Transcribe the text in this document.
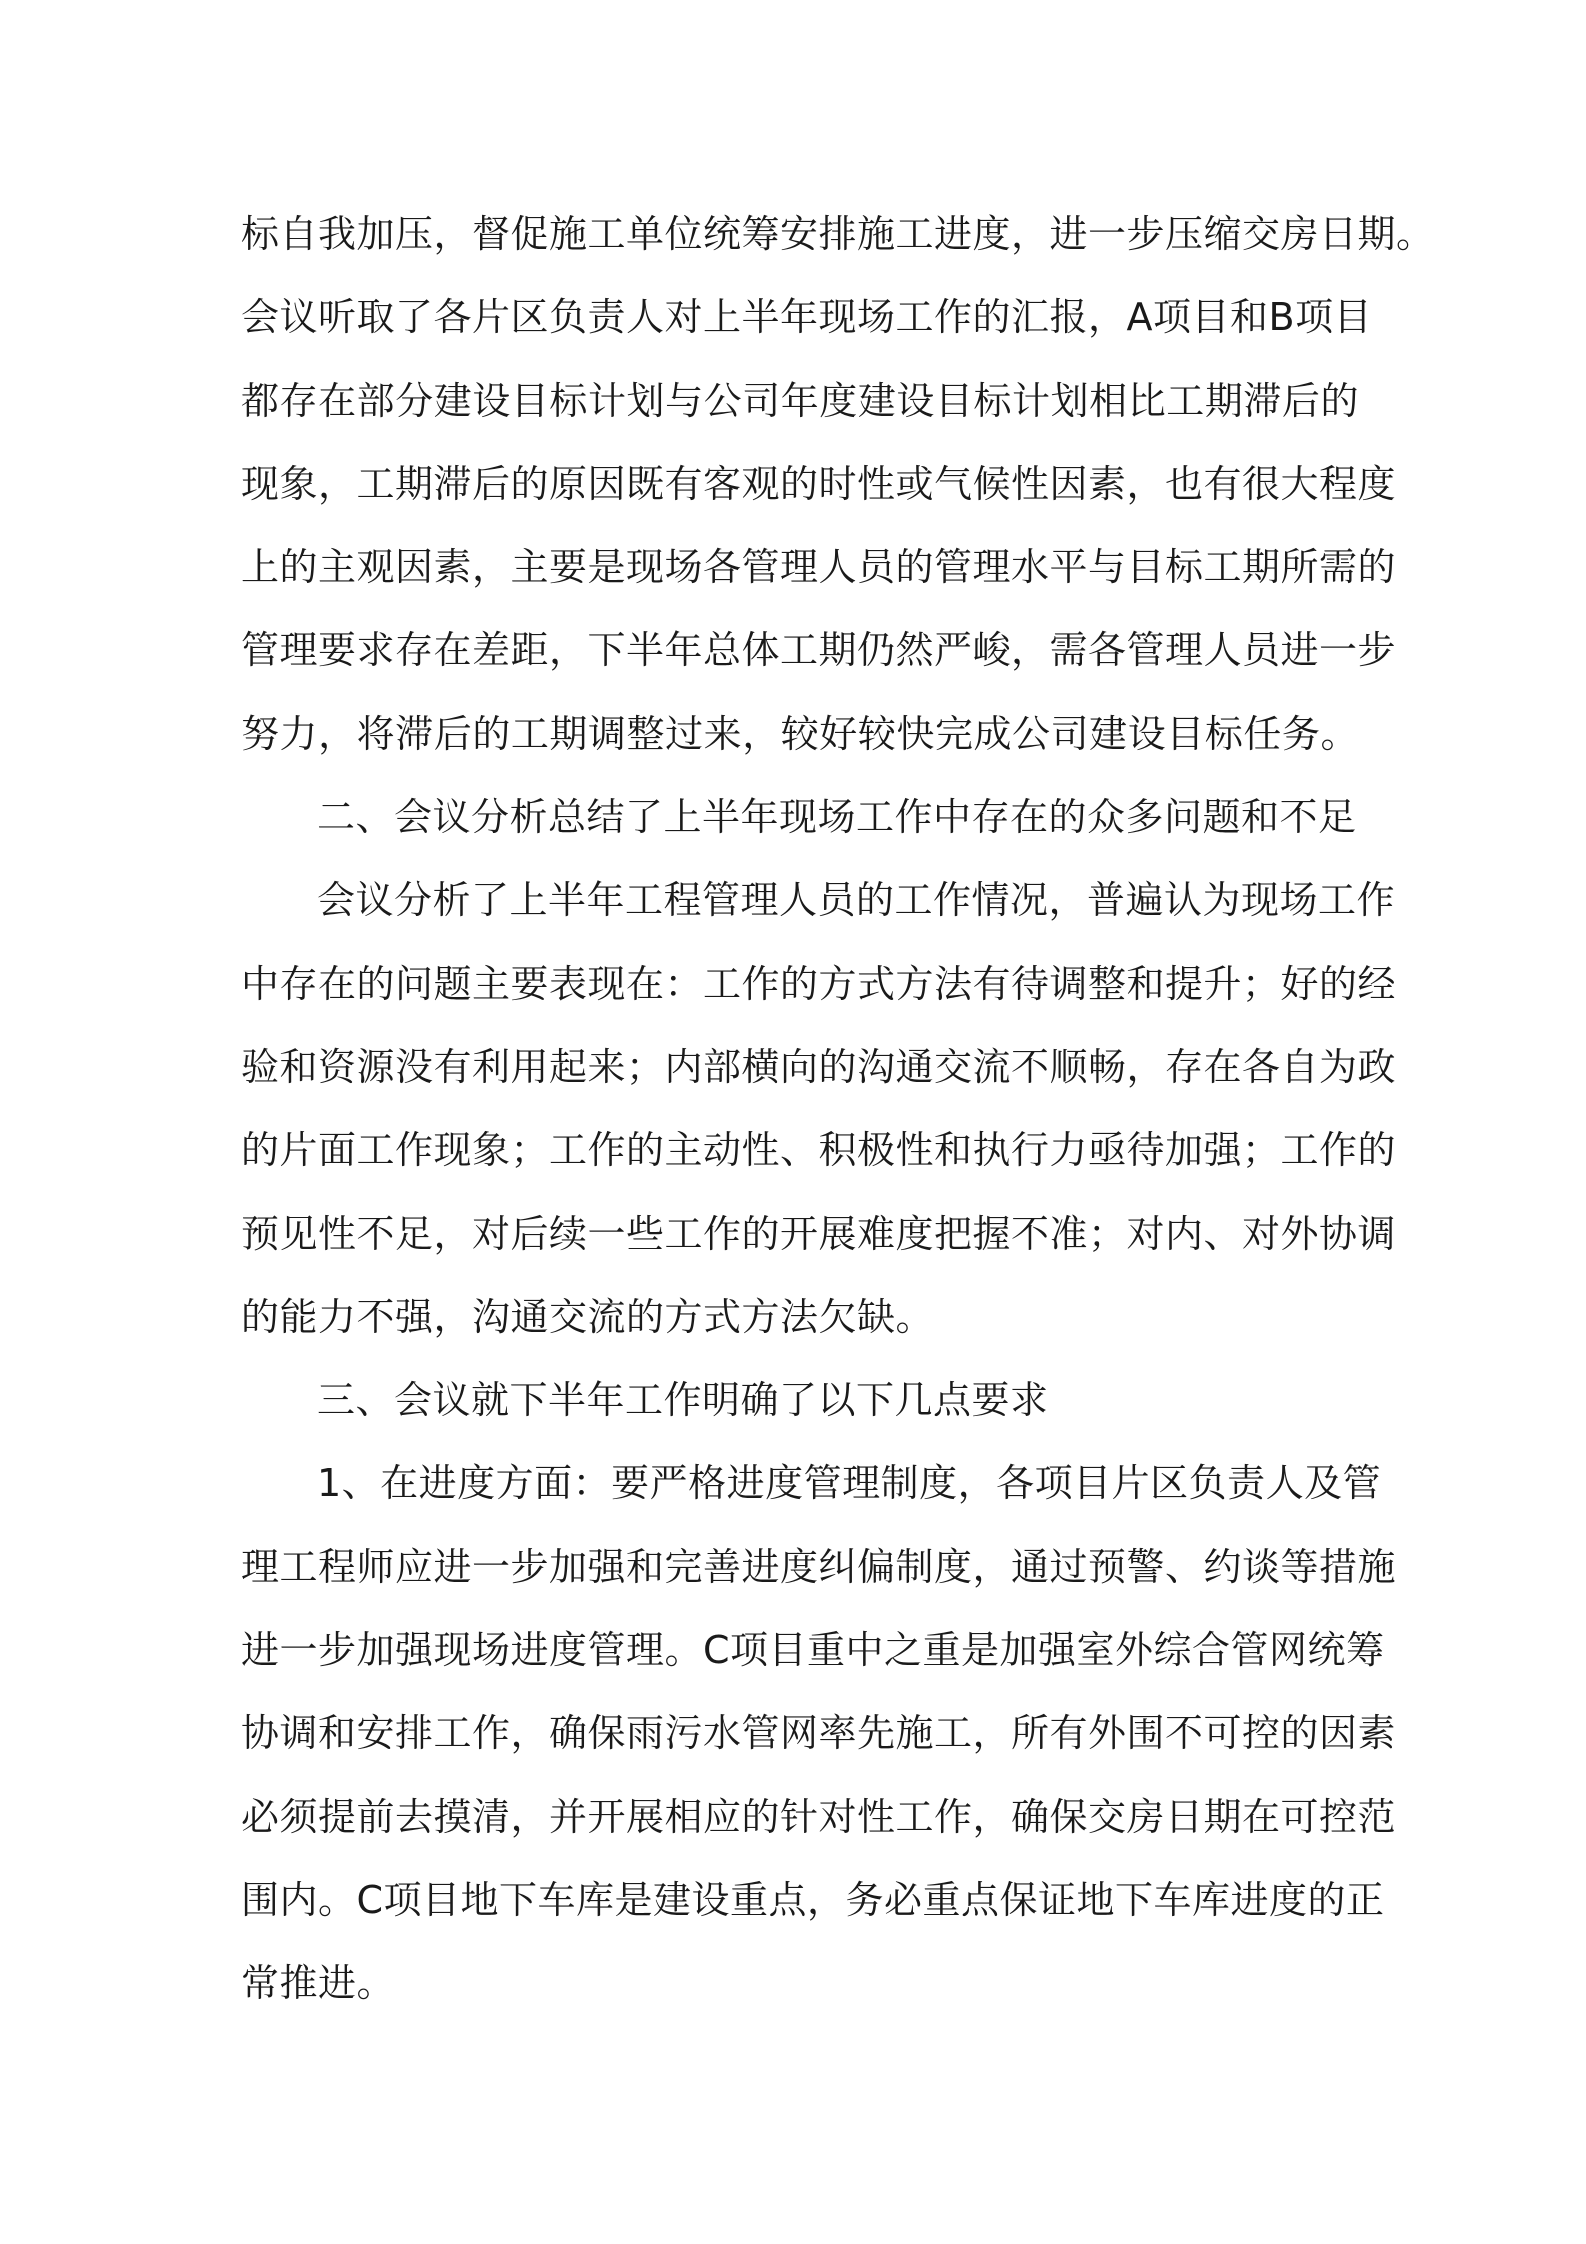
标自我加压，督促施工单位统筹安排施工进度，进一步压缩交房日期。
会议听取了各片区负责人对上半年现场工作的汇报，A项目和B项目
都存在部分建设目标计划与公司年度建设目标计划相比工期滞后的
现象，工期滞后的原因既有客观的时性或气候性因素，也有很大程度
上的主观因素，主要是现场各管理人员的管理水平与目标工期所需的
管理要求存在差距，下半年总体工期仍然严峻，需各管理人员进一步
努力，将滞后的工期调整过来，较好较快完成公司建设目标任务。
二、会议分析总结了上半年现场工作中存在的众多问题和不足
会议分析了上半年工程管理人员的工作情况，普遍认为现场工作
中存在的问题主要表现在：工作的方式方法有待调整和提升；好的经
验和资源没有利用起来；内部横向的沟通交流不顺畅，存在各自为政
的片面工作现象；工作的主动性、积极性和执行力亟待加强；工作的
预见性不足，对后续一些工作的开展难度把握不准；对内、对外协调
的能力不强，沟通交流的方式方法欠缺。
三、会议就下半年工作明确了以下几点要求
1、在进度方面：要严格进度管理制度，各项目片区负责人及管
理工程师应进一步加强和完善进度纠偏制度，通过预警、约谈等措施
进一步加强现场进度管理。C项目重中之重是加强室外综合管网统筹
协调和安排工作，确保雨污水管网率先施工，所有外围不可控的因素
必须提前去摸清，并开展相应的针对性工作，确保交房日期在可控范
围内。C项目地下车库是建设重点，务必重点保证地下车库进度的正
常推进。
